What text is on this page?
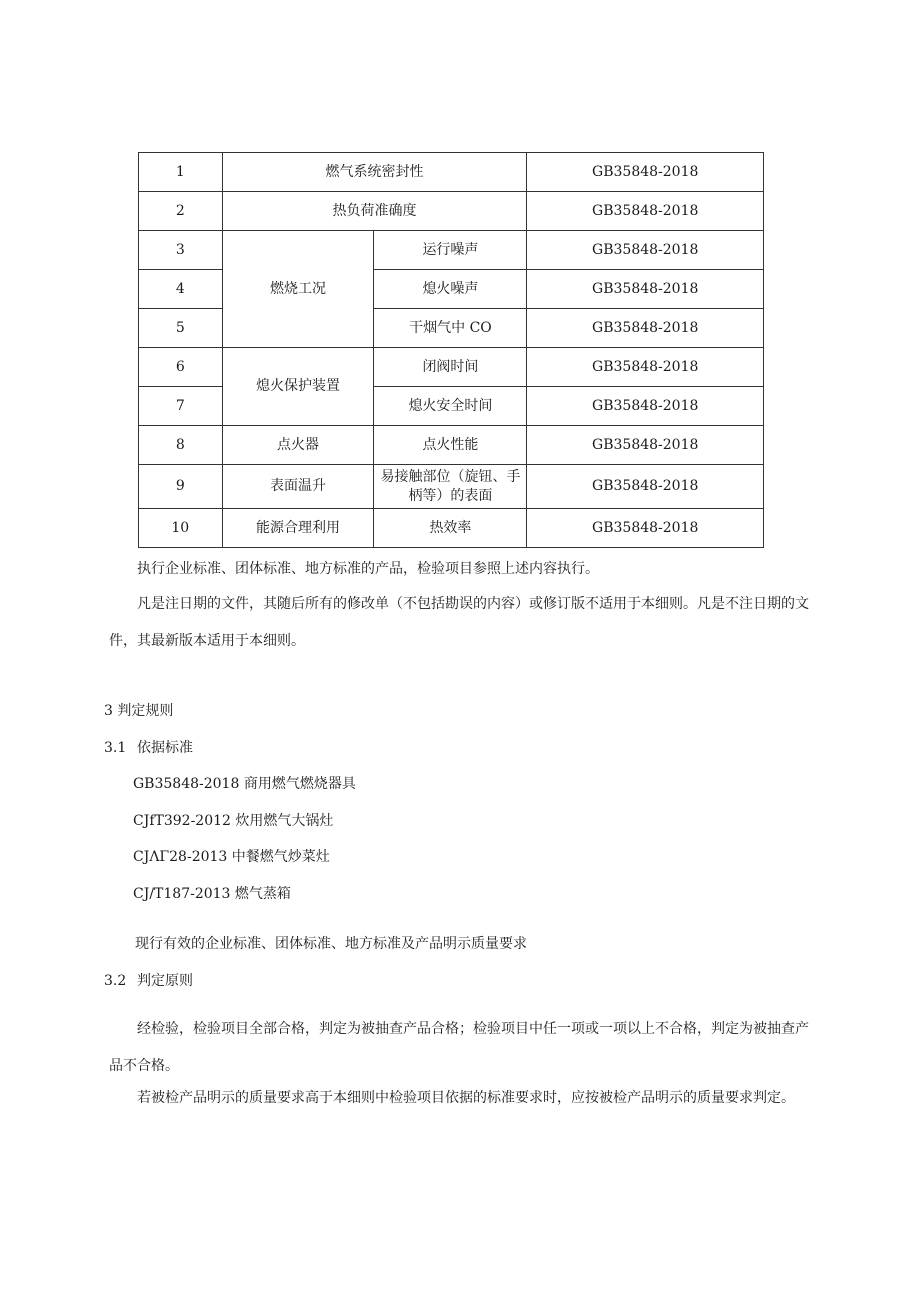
1	燃气系统密封性		GB35848-2018
2	热负荷准确度		GB35848-2018
3	燃烧工况	运行噪声	GB35848-2018
4		熄火噪声	GB35848-2018
5		干烟气中 CO	GB35848-2018
6	熄火保护装置	闭阀时间	GB35848-2018
7		熄火安全时间	GB35848-2018
8	点火器	点火性能	GB35848-2018
9	表面温升	易接触部位（旋钮、手柄等）的表面	GB35848-2018
10	能源合理利用	热效率	GB35848-2018
执行企业标准、团体标准、地方标准的产品，检验项目参照上述内容执行。
凡是注日期的文件，其随后所有的修改单（不包括勘误的内容）或修订版不适用于本细则。凡是不注日期的文件，其最新版本适用于本细则。
3 判定规则
3.1 依据标准
GB35848-2018 商用燃气燃烧器具
CJfT392-2012 炊用燃气大锅灶
CJΛΓ28-2013 中餐燃气炒菜灶
CJ/T187-2013 燃气蒸箱
现行有效的企业标准、团体标准、地方标准及产品明示质量要求
3.2 判定原则
经检验，检验项目全部合格，判定为被抽查产品合格；检验项目中任一项或一项以上不合格，判定为被抽查产品不合格。
若被检产品明示的质量要求高于本细则中检验项目依据的标准要求时，应按被检产品明示的质量要求判定。
